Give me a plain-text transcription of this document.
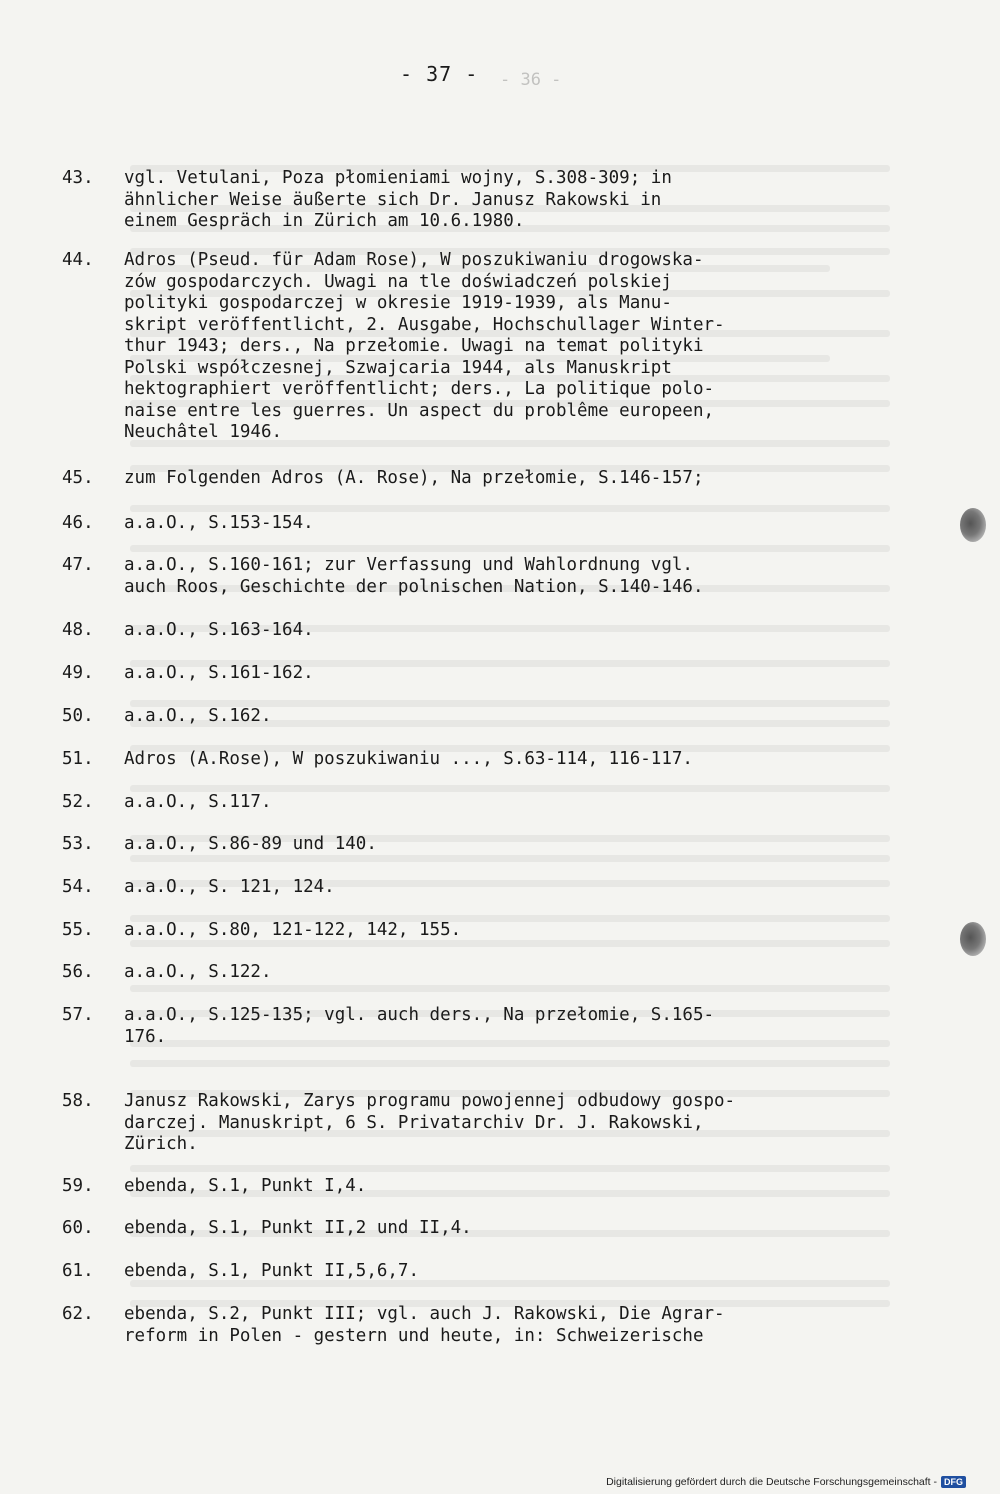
- 36 -
- 37 -
43.	vgl. Vetulani, Poza płomieniami wojny, S.308-309; in
ähnlicher Weise äußerte sich Dr. Janusz Rakowski in
einem Gespräch in Zürich am 10.6.1980.
44.	Adros (Pseud. für Adam Rose), W poszukiwaniu drogowska-
zów gospodarczych. Uwagi na tle doświadczeń polskiej
polityki gospodarczej w okresie 1919-1939, als Manu-
skript veröffentlicht, 2. Ausgabe, Hochschullager Winter-
thur 1943; ders., Na przełomie. Uwagi na temat polityki
Polski współczesnej, Szwajcaria 1944, als Manuskript
hektographiert veröffentlicht; ders., La politique polo-
naise entre les guerres. Un aspect du problême europeen,
Neuchâtel 1946.
45.	zum Folgenden Adros (A. Rose), Na przełomie, S.146-157;
46.	a.a.O., S.153-154.
47.	a.a.O., S.160-161; zur Verfassung und Wahlordnung vgl.
auch Roos, Geschichte der polnischen Nation, S.140-146.
48.	a.a.O., S.163-164.
49.	a.a.O., S.161-162.
50.	a.a.O., S.162.
51.	Adros (A.Rose), W poszukiwaniu ..., S.63-114, 116-117.
52.	a.a.O., S.117.
53.	a.a.O., S.86-89 und 140.
54.	a.a.O., S. 121, 124.
55.	a.a.O., S.80, 121-122, 142, 155.
56.	a.a.O., S.122.
57.	a.a.O., S.125-135; vgl. auch ders., Na przełomie, S.165-
176.
58.	Janusz Rakowski, Zarys programu powojennej odbudowy gospo-
darczej. Manuskript, 6 S. Privatarchiv Dr. J. Rakowski,
Zürich.
59.	ebenda, S.1, Punkt I,4.
60.	ebenda, S.1, Punkt II,2 und II,4.
61.	ebenda, S.1, Punkt II,5,6,7.
62.	ebenda, S.2, Punkt III; vgl. auch J. Rakowski, Die Agrar-
reform in Polen - gestern und heute, in: Schweizerische
Digitalisierung gefördert durch die Deutsche Forschungsgemeinschaft - DFG
